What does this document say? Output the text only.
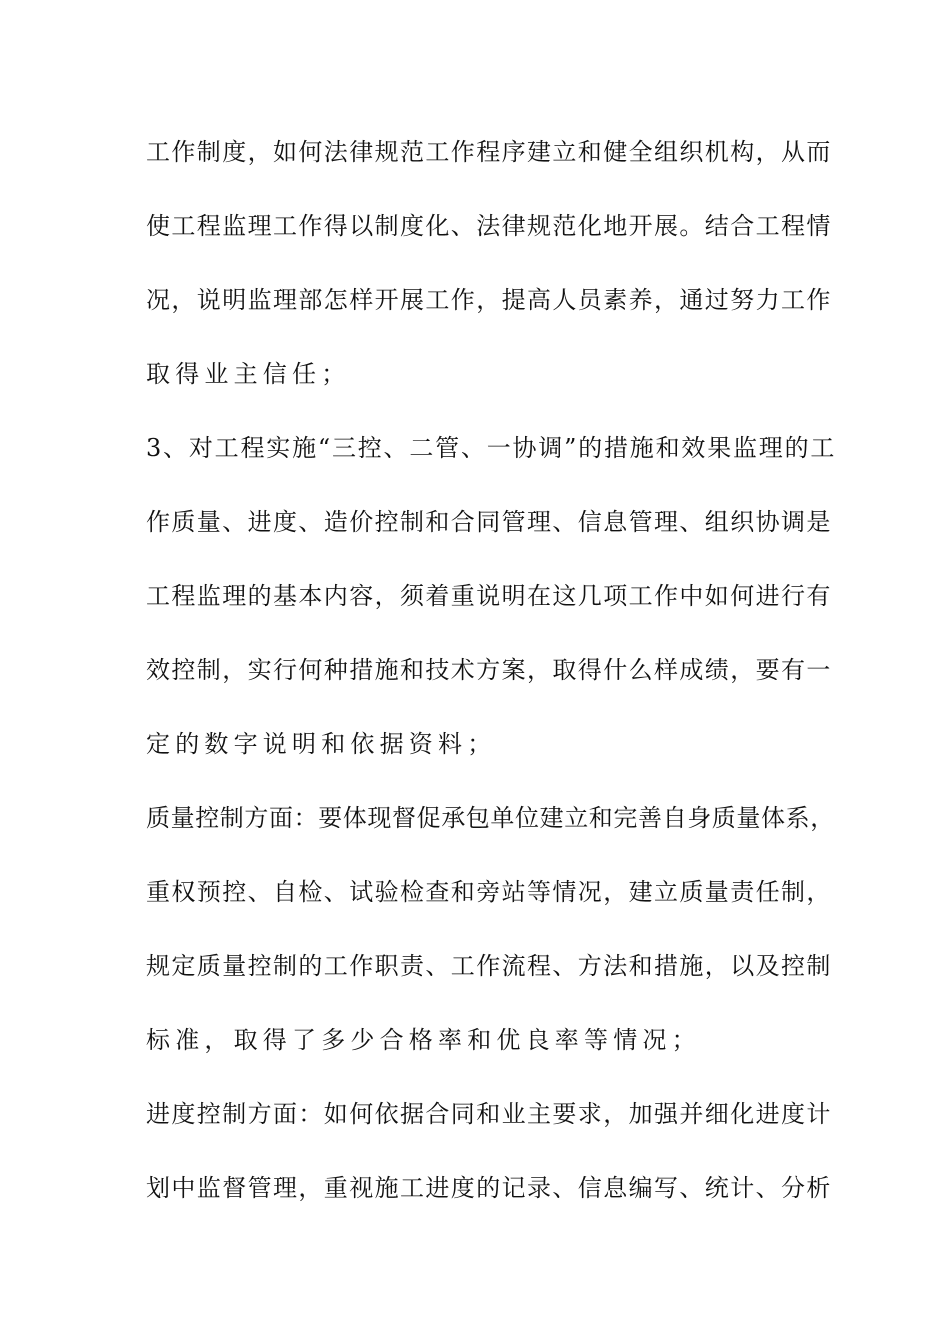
工作制度，如何法律规范工作程序建立和健全组织机构，从而
使工程监理工作得以制度化、法律规范化地开展。结合工程情
况，说明监理部怎样开展工作，提高人员素养，通过努力工作
取得业主信任；
3、对工程实施“三控、二管、一协调”的措施和效果监理的工
作质量、进度、造价控制和合同管理、信息管理、组织协调是
工程监理的基本内容，须着重说明在这几项工作中如何进行有
效控制，实行何种措施和技术方案，取得什么样成绩，要有一
定的数字说明和依据资料；
质量控制方面：要体现督促承包单位建立和完善自身质量体系，
重权预控、自检、试验检查和旁站等情况，建立质量责任制，
规定质量控制的工作职责、工作流程、方法和措施，以及控制
标准，取得了多少合格率和优良率等情况；
进度控制方面：如何依据合同和业主要求，加强并细化进度计
划中监督管理，重视施工进度的记录、信息编写、统计、分析
